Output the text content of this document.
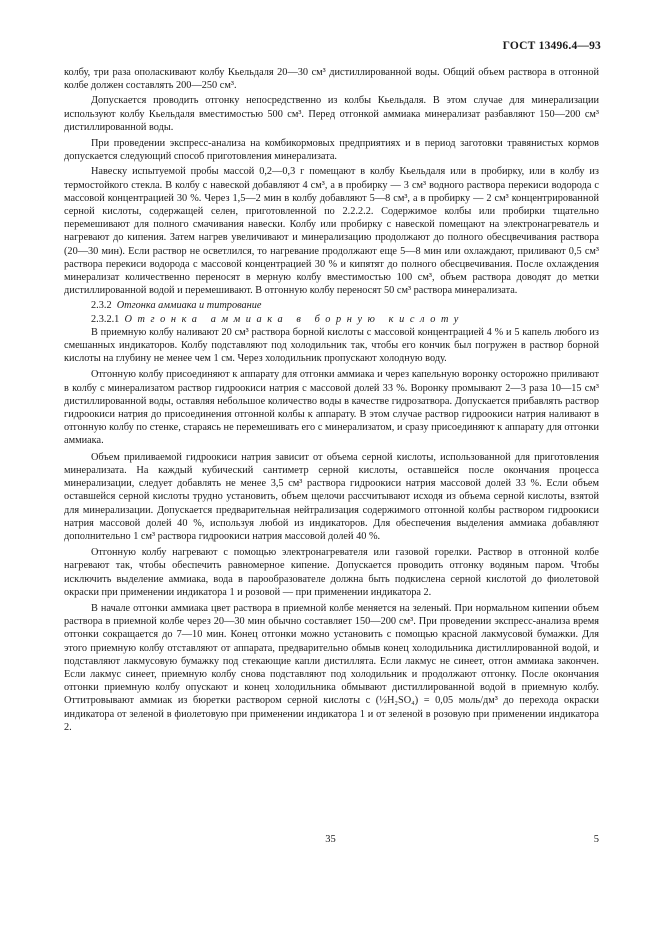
ГОСТ 13496.4—93

колбу, три раза ополаскивают колбу Кьельдаля 20—30 см³ дистиллированной воды. Общий объем раствора в отгонной колбе должен составлять 200—250 см³.

Допускается проводить отгонку непосредственно из колбы Кьельдаля. В этом случае для минерализации используют колбу Кьельдаля вместимостью 500 см³. Перед отгонкой аммиака минерализат разбавляют 150—200 см³ дистиллированной воды.

При проведении экспресс-анализа на комбикормовых предприятиях и в период заготовки травянистых кормов допускается следующий способ приготовления минерализата.

Навеску испытуемой пробы массой 0,2—0,3 г помещают в колбу Кьельдаля или в пробирку, или в колбу из термостойкого стекла. В колбу с навеской добавляют 4 см³, а в пробирку — 3 см³ водного раствора перекиси водорода с массовой концентрацией 30 %. Через 1,5—2 мин в колбу добавляют 5—8 см³, а в пробирку — 2 см³ концентрированной серной кислоты, содержащей селен, приготовленной по 2.2.2.2. Содержимое колбы или пробирки тщательно перемешивают для полного смачивания навески. Колбу или пробирку с навеской помещают на электронагреватель и нагревают до кипения. Затем нагрев увеличивают и минерализацию продолжают до полного обесцвечивания раствора (20—30 мин). Если раствор не осветлился, то нагревание продолжают еще 5—8 мин или охлаждают, приливают 0,5 см³ раствора перекиси водорода с массовой концентрацией 30 % и кипятят до полного обесцвечивания. После охлаждения минерализат количественно переносят в мерную колбу вместимостью 100 см³, объем раствора доводят до метки дистиллированной водой и перемешивают. В отгонную колбу переносят 50 см³ раствора минерализата.

2.3.2 Отгонка аммиака и титрование

2.3.2.1 Отгонка аммиака в борную кислоту

В приемную колбу наливают 20 см³ раствора борной кислоты с массовой концентрацией 4 % и 5 капель любого из смешанных индикаторов. Колбу подставляют под холодильник так, чтобы его кончик был погружен в раствор борной кислоты на глубину не менее чем 1 см. Через холодильник пропускают холодную воду.

Отгонную колбу присоединяют к аппарату для отгонки аммиака и через капельную воронку осторожно приливают в колбу с минерализатом раствор гидроокиси натрия с массовой долей 33 %. Воронку промывают 2—3 раза 10—15 см³ дистиллированной воды, оставляя небольшое количество воды в качестве гидрозатвора. Допускается прибавлять раствор гидроокиси натрия до присоединения отгонной колбы к аппарату. В этом случае раствор гидроокиси натрия наливают в отгонную колбу по стенке, стараясь не перемешивать его с минерализатом, и сразу присоединяют к аппарату для отгонки аммиака.

Объем приливаемой гидроокиси натрия зависит от объема серной кислоты, использованной для приготовления минерализата. На каждый кубический сантиметр серной кислоты, оставшейся после окончания процесса минерализации, следует добавлять не менее 3,5 см³ раствора гидроокиси натрия массовой долей 33 %. Если объем оставшейся серной кислоты трудно установить, объем щелочи рассчитывают исходя из объема серной кислоты, взятой для минерализации. Допускается предварительная нейтрализация содержимого отгонной колбы раствором гидроокиси натрия массовой долей 40 %, используя любой из индикаторов. Для обеспечения выделения аммиака добавляют дополнительно 1 см³ раствора гидроокиси натрия массовой долей 40 %.

Отгонную колбу нагревают с помощью электронагревателя или газовой горелки. Раствор в отгонной колбе нагревают так, чтобы обеспечить равномерное кипение. Допускается проводить отгонку водяным паром. Чтобы исключить выделение аммиака, вода в парообразователе должна быть подкислена серной кислотой до фиолетовой окраски при применении индикатора 1 и розовой — при применении индикатора 2.

В начале отгонки аммиака цвет раствора в приемной колбе меняется на зеленый. При нормальном кипении объем раствора в приемной колбе через 20—30 мин обычно составляет 150—200 см³. При проведении экспресс-анализа время отгонки сокращается до 7—10 мин. Конец отгонки можно установить с помощью красной лакмусовой бумажки. Для этого приемную колбу отставляют от аппарата, предварительно обмыв конец холодильника дистиллированной водой, и подставляют лакмусовую бумажку под стекающие капли дистиллята. Если лакмус не синеет, отгон аммиака закончен. Если лакмус синеет, приемную колбу снова подставляют под холодильник и продолжают отгонку. После окончания отгонки приемную колбу опускают и конец холодильника обмывают дистиллированной водой в приемную колбу. Оттитровывают аммиак из бюретки раствором серной кислоты c (½H₂SO₄) = 0,05 моль/дм³ до перехода окраски индикатора от зеленой в фиолетовую при применении индикатора 1 и от зеленой в розовую при применении индикатора 2.

35	5
